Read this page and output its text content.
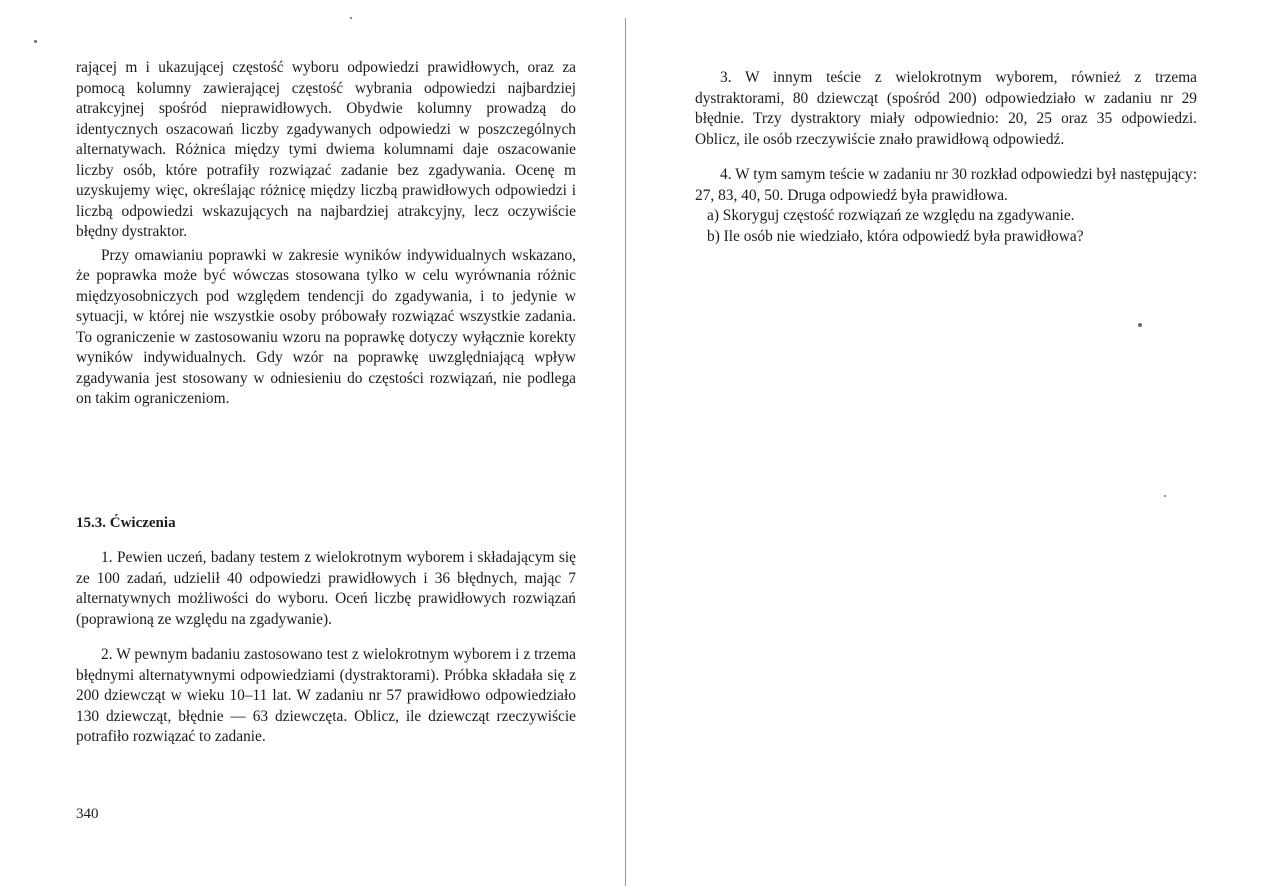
rającej m i ukazującej częstość wyboru odpowiedzi prawidłowych, oraz za pomocą kolumny zawierającej częstość wybrania odpowiedzi najbardziej atrakcyjnej spośród nieprawidłowych. Obydwie kolumny prowadzą do identycznych oszacowań liczby zgadywanych odpowiedzi w poszczególnych alternatywach. Różnica między tymi dwiema kolumnami daje oszacowanie liczby osób, które potrafiły rozwiązać zadanie bez zgadywania. Ocenę m uzyskujemy więc, określając różnicę między liczbą prawidłowych odpowiedzi i liczbą odpowiedzi wskazujących na najbardziej atrakcyjny, lecz oczywiście błędny dystraktor.

Przy omawianiu poprawki w zakresie wyników indywidualnych wskazano, że poprawka może być wówczas stosowana tylko w celu wyrównania różnic międzyosobniczych pod względem tendencji do zgadywania, i to jedynie w sytuacji, w której nie wszystkie osoby próbowały rozwiązać wszystkie zadania. To ograniczenie w zastosowaniu wzoru na poprawkę dotyczy wyłącznie korekty wyników indywidualnych. Gdy wzór na poprawkę uwzględniającą wpływ zgadywania jest stosowany w odniesieniu do częstości rozwiązań, nie podlega on takim ograniczeniom.

15.3. Ćwiczenia

1. Pewien uczeń, badany testem z wielokrotnym wyborem i składającym się ze 100 zadań, udzielił 40 odpowiedzi prawidłowych i 36 błędnych, mając 7 alternatywnych możliwości do wyboru. Oceń liczbę prawidłowych rozwiązań (poprawioną ze względu na zgadywanie).

2. W pewnym badaniu zastosowano test z wielokrotnym wyborem i z trzema błędnymi alternatywnymi odpowiedziami (dystraktorami). Próbka składała się z 200 dziewcząt w wieku 10–11 lat. W zadaniu nr 57 prawidłowo odpowiedziało 130 dziewcząt, błędnie — 63 dziewczęta. Oblicz, ile dziewcząt rzeczywiście potrafiło rozwiązać to zadanie.

340

3. W innym teście z wielokrotnym wyborem, również z trzema dystraktorami, 80 dziewcząt (spośród 200) odpowiedziało w zadaniu nr 29 błędnie. Trzy dystraktory miały odpowiednio: 20, 25 oraz 35 odpowiedzi. Oblicz, ile osób rzeczywiście znało prawidłową odpowiedź.

4. W tym samym teście w zadaniu nr 30 rozkład odpowiedzi był następujący: 27, 83, 40, 50. Druga odpowiedź była prawidłowa.

a) Skoryguj częstość rozwiązań ze względu na zgadywanie.

b) Ile osób nie wiedziało, która odpowiedź była prawidłowa?
